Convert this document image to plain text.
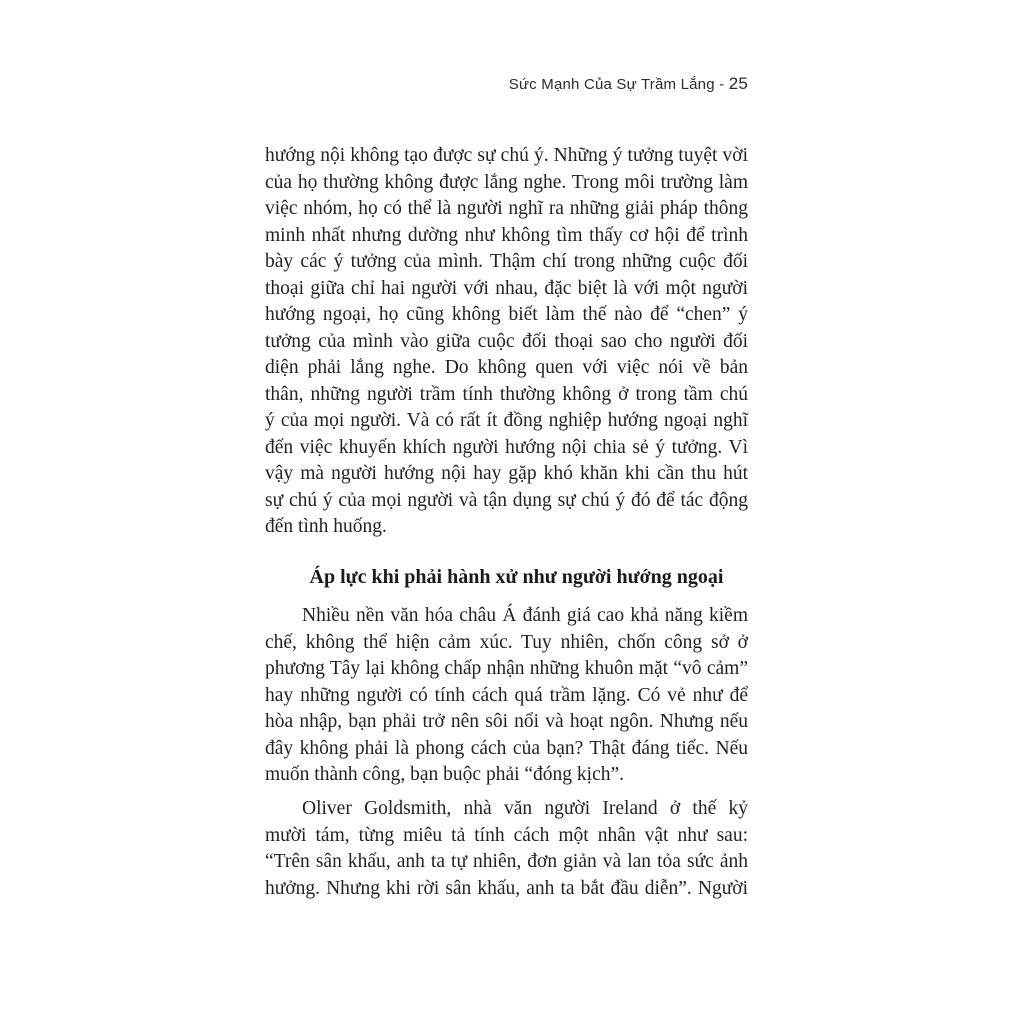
Sức Mạnh Của Sự Trầm Lắng - 25
hướng nội không tạo được sự chú ý. Những ý tưởng tuyệt vời
của họ thường không được lắng nghe. Trong môi trường làm
việc nhóm, họ có thể là người nghĩ ra những giải pháp thông
minh nhất nhưng dường như không tìm thấy cơ hội để trình
bày các ý tưởng của mình. Thậm chí trong những cuộc đối
thoại giữa chỉ hai người với nhau, đặc biệt là với một người
hướng ngoại, họ cũng không biết làm thế nào để “chen” ý
tưởng của mình vào giữa cuộc đối thoại sao cho người đối
diện phải lắng nghe. Do không quen với việc nói về bản
thân, những người trầm tính thường không ở trong tầm chú
ý của mọi người. Và có rất ít đồng nghiệp hướng ngoại nghĩ
đến việc khuyến khích người hướng nội chia sẻ ý tưởng. Vì
vậy mà người hướng nội hay gặp khó khăn khi cần thu hút
sự chú ý của mọi người và tận dụng sự chú ý đó để tác động
đến tình huống.
Áp lực khi phải hành xử như người hướng ngoại
Nhiều nền văn hóa châu Á đánh giá cao khả năng kiềm
chế, không thể hiện cảm xúc. Tuy nhiên, chốn công sở ở
phương Tây lại không chấp nhận những khuôn mặt “vô cảm”
hay những người có tính cách quá trầm lặng. Có vẻ như để
hòa nhập, bạn phải trở nên sôi nổi và hoạt ngôn. Nhưng nếu
đây không phải là phong cách của bạn? Thật đáng tiếc. Nếu
muốn thành công, bạn buộc phải “đóng kịch”.
Oliver Goldsmith, nhà văn người Ireland ở thế kỷ
mười tám, từng miêu tả tính cách một nhân vật như sau:
“Trên sân khấu, anh ta tự nhiên, đơn giản và lan tỏa sức ảnh
hưởng. Nhưng khi rời sân khấu, anh ta bắt đầu diễn”. Người
